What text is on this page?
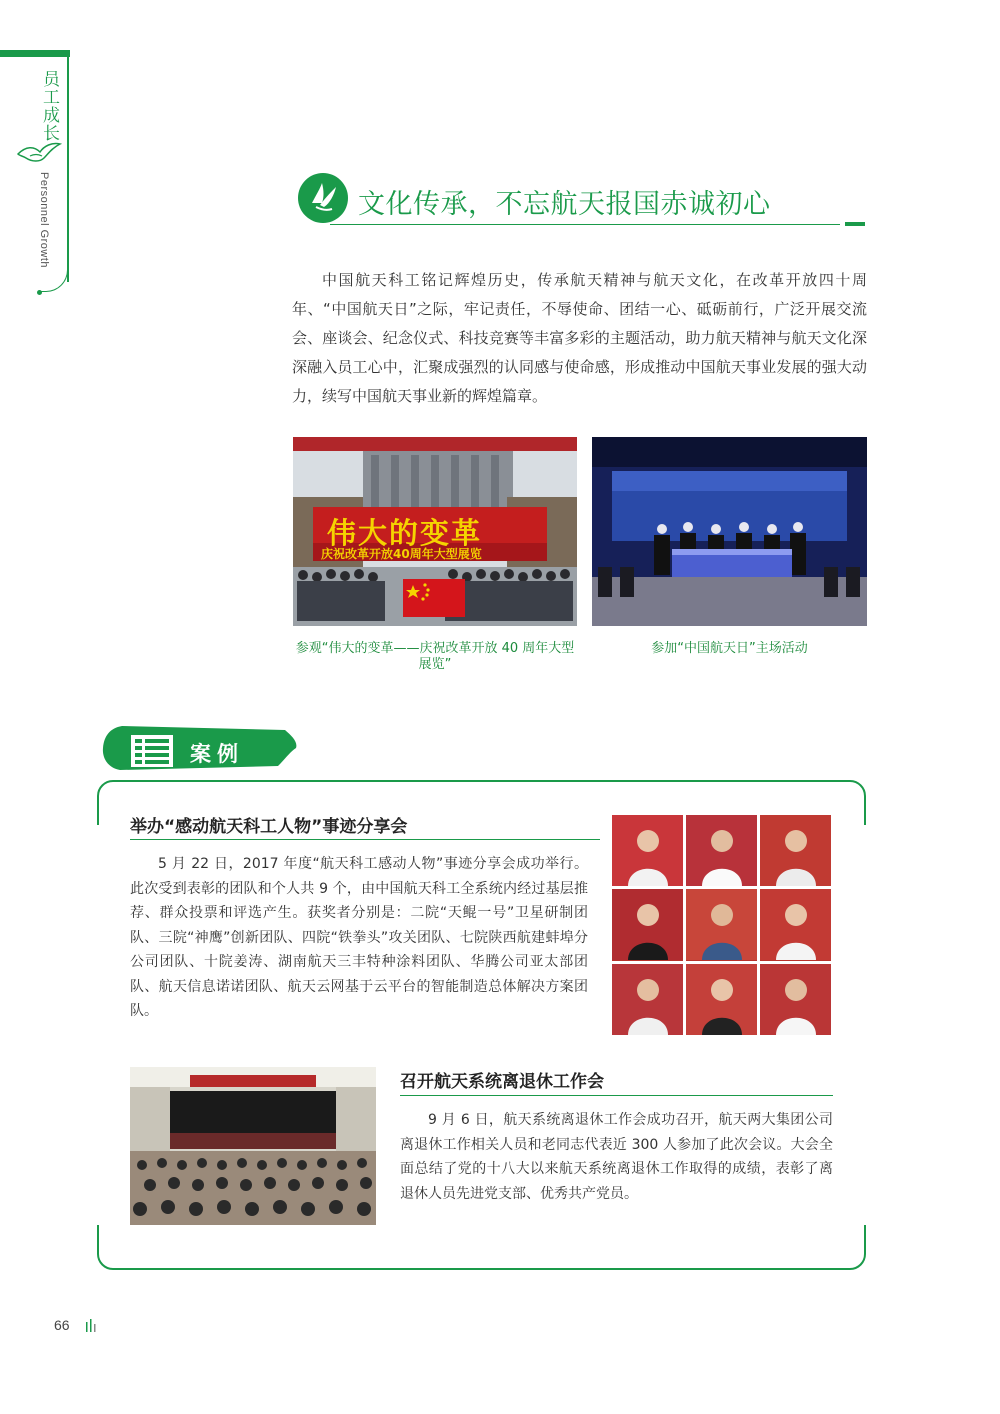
员工成长
Personnel Growth	文化传承，不忘航天报国赤诚初心
中国航天科工铭记辉煌历史，传承航天精神与航天文化，在改革开放四十周年、“中国航天日”之际，牢记责任，不辱使命、团结一心、砥砺前行，广泛开展交流会、座谈会、纪念仪式、科技竞赛等丰富多彩的主题活动，助力航天精神与航天文化深深融入员工心中，汇聚成强烈的认同感与使命感，形成推动中国航天事业发展的强大动力，续写中国航天事业新的辉煌篇章。
伟大的变革
庆祝改革开放40周年大型展览
参观“伟大的变革——庆祝改革开放 40 周年大型展览”
参加“中国航天日”主场活动
案例
举办“感动航天科工人物”事迹分享会
5 月 22 日，2017 年度“航天科工感动人物”事迹分享会成功举行。此次受到表彰的团队和个人共 9 个，由中国航天科工全系统内经过基层推荐、群众投票和评选产生。获奖者分别是：二院“天鲲一号”卫星研制团队、三院“神鹰”创新团队、四院“铁拳头”攻关团队、七院陕西航建蚌埠分公司团队、十院姜涛、湖南航天三丰特种涂料团队、华腾公司亚太部团队、航天信息诺诺团队、航天云网基于云平台的智能制造总体解决方案团队。
召开航天系统离退休工作会
9 月 6 日，航天系统离退休工作会成功召开，航天两大集团公司离退休工作相关人员和老同志代表近 300 人参加了此次会议。大会全面总结了党的十八大以来航天系统离退休工作取得的成绩，表彰了离退休人员先进党支部、优秀共产党员。
66
